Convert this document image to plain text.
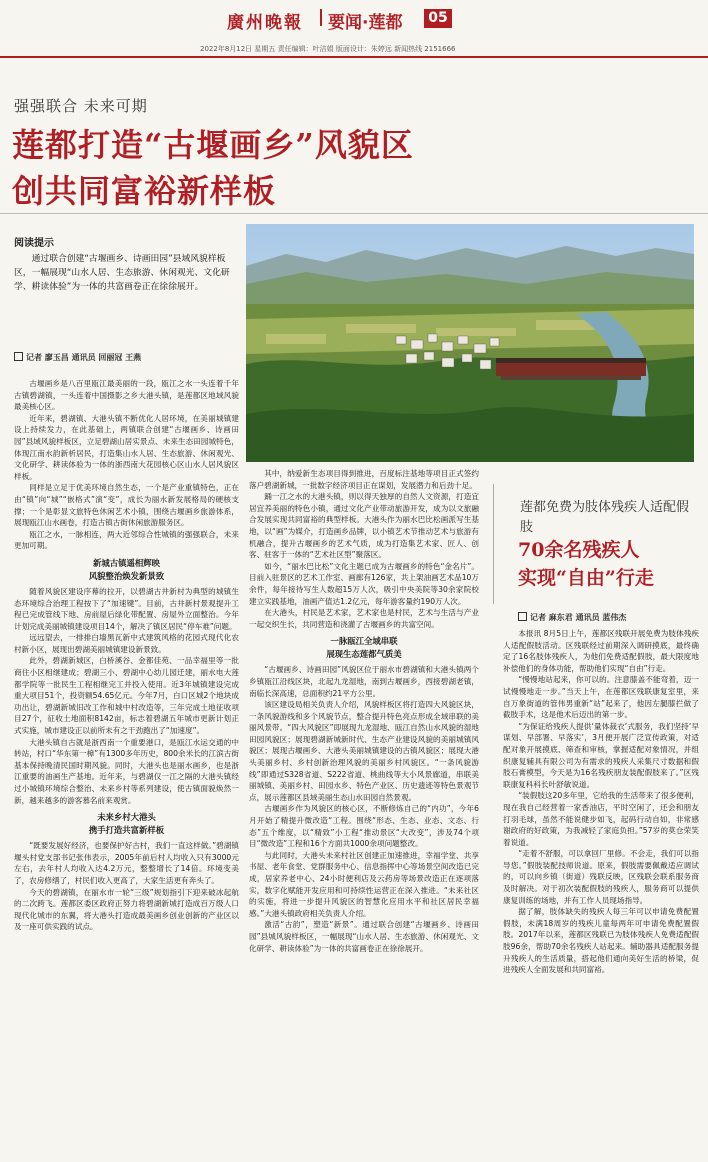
廣州晚報 要闻·莲都	05
2022年8月12日 星期五 责任编辑：叶洁娟 版面设计：朱婷远 新闻热线 2151666
强强联合 未来可期
莲都打造“古堰画乡”风貌区
创共同富裕新样板
阅读提示
通过联合创建“古堰画乡、诗画田园”县域风貌样板区，一幅展现“山水人居、生态旅游、休闲观光、文化研学、耕读体验”为一体的共富画卷正在徐徐展开。
记者 廖玉昌 通讯员 回丽冠 王燕

古堰画乡是八百里瓯江最美丽的一段，瓯江之水一头连着千年古镇碧湖镇，一头连着中国摄影之乡大港头镇，是莲都区地域风貌最美核心区。

近年来，碧湖镇、大港头镇不断优化人居环境，在美丽城镇建设上持续发力，在此基础上，两镇联合创建“古堰画乡、诗画田园”县域风貌样板区，立足碧湖山居实景点、未来生态田园城特色，体现江南水韵新析居民，打造集山水人居、生态旅游、休闲观光、文化研学、耕读体验为一体的浙西南大花园核心区山水人居风貌区样板。

同样是立足于优美环境自然生态，一个是产业重镇特色，正在由“镇”向“城”“嵌格式”演“变”，成长为丽水新发展格局的硬核支撑；一个是彰显文旅特色休闲艺术小镇，围绕古堰画乡旅游体系，展现瓯江山水画卷，打造古镇古街休闲旅游服务区。

瓯江之水，一脉相连，两大近邻综合性城镇的强强联合，未来更加可期。

新城古镇遥相辉映
风貌整治焕发新景致

随着风貌区建设序幕的拉开，以碧湖古井新村为典型的城镇生态环境综合治理工程按下了“加速键”。目前，古井新村景观提升工程已完成管线下地、房前屋后绿化带配置、房屋外立面整治。今年计划完成美丽城镇建设项目14个，解决了镇区居民“停车难”问题。

远远望去，一排排白墙黑瓦新中式建筑风格的花园式现代化农村新小区，展现出碧湖美丽城镇建设新景致。

此外，碧湖新城区，白桥溪谷、金都佳苑、一品幸福里等一批商住小区相继建成；碧湖三小、碧湖中心幼儿园迁建，丽水电大莲都学院等一批民生工程相继完工并投入使用。近3年城镇建设完成重大项目51个，投资额54.65亿元。今年7月，白口区城2个地块成功出让，碧湖新城旧改工作和城中村改造等，三年完成土地征收项目27个，征收土地面积8142亩，标志着碧湖五年城市更新计划正式实施，城市建设正以前所未有之干劲跑出了“加速度”。

大港头镇自古就是浙西南一个重要港口，是瓯江水运交通的中转站，村口“华东第一樟”有1300多年历史，800余米长的江滨古街基本保持晚清民国时期风貌。同时，大港头也是丽水画乡，也是浙江重要的油画生产基地。近年来，与碧湖仅一江之隔的大港头镇经过小城镇环境综合整治、未来乡村等系列建设，使古镇面貌焕然一新，越来越多的游客慕名前来观赏。

未来乡村大港头
携手打造共富新样板

“既要发展好经济，也要保护好古村，我们一直这样做。”碧湖镇堰头村党支部书记张伟表示，2005年前后村人均收入只有3000元左右，去年村人均收入达4.2万元，整整增长了14倍。环境变美了，农房修缮了，村民们收入更高了，大家生活更有奔头了。

今天的碧湖镇，在丽水市一轮“三级”规划指引下迎来破冰起航的二次跨飞。莲都区委区政府正努力将碧湖新城打造成百万级人口现代化城市的东翼，将大港头打造成最美画乡创业创新的产业区以及一座可供实践的试点。

其中，纳爱新生态项目得到推进，百度标注基地等项目正式签约落户碧湖新城，一批数字经济项目正在谋划，发展潜力和后劲十足。

踊一江之水的大港头镇，则以得天独厚的自然人文资源，打造宜居宜养美丽的特色小镇，通过文化产业带动旅游开发，成为以文旅融合发展实现共同富裕的典型样板。大港头作为丽水巴比松画派写生基地，以“画”为媒介，打造画乡品牌，以小镇艺术节推动艺术与旅游有机融合，提升古堰画乡的艺术气质，成为打造集艺术家、匠人、创客、驻客于一体的“艺术社区型”聚落区。

如今，“丽水巴比松”文化主题已成为古堰画乡的特色“金名片”。目前入驻景区的艺术工作室、画廊有126家，共上架油画艺术品10万余件，每年接待写生人数超15万人次，吸引中央美院等30余家院校建立实践基地，油画产值达1.2亿元，每年游客量约190万人次。

在大港头，村民是艺术家，艺术家也是村民，艺术与生活与产业一起交织生长，共同营造和浇灌了古堰画乡的共富空间。

一脉瓯江全域串联
展现生态莲都气质美

“古堰画乡、诗画田园”风貌区位于丽水市碧湖镇和大港头镇两个乡镇瓯江沿线区块，北起九龙湿地，南到古堰画乡，西接碧湖老镇，南临长深高速，总面积约21平方公里。

该区建设局相关负责人介绍，风貌样板区将打造四大风貌区块，一条风貌游线和多个风貌节点，整合提升特色亮点形成全域串联的美丽风景带。“四大风貌区”即展现九龙湿地、瓯江自然山水风貌的湿地田园风貌区；展现碧湖新城新时代、生态产业建设风貌的美丽城镇风貌区；展现古堰画乡、大港头美丽城镇建设的古镇风貌区；展现大港头美丽乡村、乡村创新治理风貌的美丽乡村风貌区。“一条风貌游线”即通过S328省道、S222省道、桃曲线等大小风景廊道，串联美丽城镇、美丽乡村、田园水乡、特色产业区、历史遗迹等特色景观节点，展示莲都区县域美丽生态山水田园自然景观。

古堰画乡作为风貌区的核心区，不断修炼自己的“内功”，今年6月开始了精提升微改造“工程。围绕“形态、生态、业态、文态、行态”五个维度，以“精致”小工程“推动景区“大改变”，涉及74个项目“微改造”工程和16个方面共1000余项问题整改。

与此同时，大港头未来村社区创建正加速推进，幸福学堂、共享书屋、老年食堂、党群服务中心、信息指挥中心等场景空间改造已完成，居家养老中心、24小时便利店及云药房等场景改造正在逐项落实，数字化赋能开发应用和可持续性运营正在深入推进。“未来社区的实施，将进一步提升风貌区的智慧化应用水平和社区居民幸福感。”大港头镇政府相关负责人介绍。

激活“古韵”，塑造“新景”。通过联合创建“古堰画乡、诗画田园”县城风貌样板区，一幅展现“山水人居、生态旅游、休闲观光、文化研学、耕读体验”为一体的共富画卷正在徐徐展开。

莲都免费为肢体残疾人适配假肢
70余名残疾人
实现“自由”行走
记者 麻东君 通讯员 蓝伟杰

本报讯 8月5日上午，莲都区残联开展免费为肢体残疾人适配假肢活动。区残联经过前期深入调研摸底，最终确定了16名肢体残疾人，为他们免费适配假肢，最大限度地补偿他们的身体功能，帮助他们实现“自由”行走。

“慢慢地站起来，你可以的。注意膝盖不能弯着，迈一试慢慢地走一步。”当天上午，在莲都区残联康复室里，来自万象街道的管伟男重新“站”起来了，他因左腿膝拦做了截肢手术，这是他术后迈出的第一步。

“为保证给残疾人提供‘量体裁衣’式服务，我们坚持‘早谋划、早部署、早落实’，3月便开展广泛宣传政策，对适配对象开展摸底、筛查和审核，掌握适配对象情况，并组织康复辅具有限公司为有需求的残疾人采集尺寸数据和假肢石膏模型，今天是为16名残疾朋友装配假肢来了。”区残联康复科科长叶舒敏说道。

“装假肢这20多年里，它给我的生活带来了很多便利，现在我自己经营着一家香油店，平时空闲了，还会和朋友打羽毛球，虽然不能说健步如飞，起码行动自如，非常感谢政府的好政策，为我减轻了家庭负担。”57岁的莫仓荣笑着说道。

“走着不舒服，可以拿回厂里修。不会走，我们可以指导您。”假肢装配技师说道。原来，假肢需要佩戴适应调试的，可以向乡镇（街道）残联反映，区残联会联系服务商及时解决。对于初次装配假肢的残疾人，服务商可以提供康复训练的场地，并有工作人员现场指导。

据了解，肢体缺失的残疾人每三年可以申请免费配置假肢，未满18周岁的残疾儿童每两年可申请免费配置假肢。2017年以来，莲都区残联已为肢体残疾人免费适配假肢96余，帮助70余名残疾人站起来。辅助器具适配服务提升残疾人的生活质量，搭起他们通向美好生活的桥梁，促进残疾人全面发展和共同富裕。
